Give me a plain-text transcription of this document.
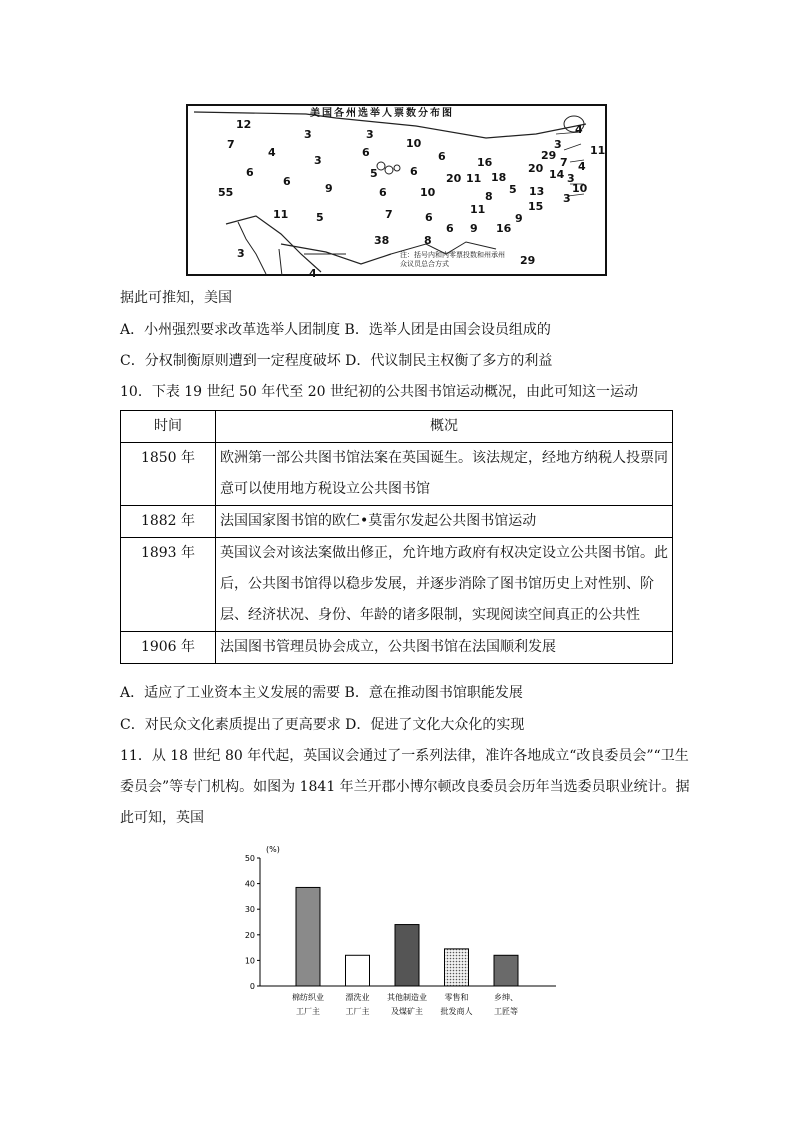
美国各州选举人票数分布图
12
3	3
10
7
4
3
6	6	16
3
4
29	11
7
20	4
6
6
5	6
20 11 18	14 3
55	9	6	10	8
5 13	10
3
15
11	5	7	6
11
9
6 9 16
38	8
3
29
4
注：括号内和内零票投数和州承州众议员总合方式
据此可推知，美国
A．小州强烈要求改革选举人团制度 B．选举人团是由国会设员组成的
C．分权制衡原则遭到一定程度破坏 D．代议制民主权衡了多方的利益
10．下表 19 世纪 50 年代至 20 世纪初的公共图书馆运动概况，由此可知这一运动
时间	概况
1850 年	欧洲第一部公共图书馆法案在英国诞生。该法规定，经地方纳税人投票同
意可以使用地方税设立公共图书馆

1882 年	法国国家图书馆的欧仁•莫雷尔发起公共图书馆运动

1893 年	英国议会对该法案做出修正，允许地方政府有权决定设立公共图书馆。此
后，公共图书馆得以稳步发展，并逐步消除了图书馆历史上对性别、阶
层、经济状况、身份、年龄的诸多限制，实现阅读空间真正的公共性

1906 年	法国图书管理员协会成立，公共图书馆在法国顺利发展
A．适应了工业资本主义发展的需要 B．意在推动图书馆职能发展
C．对民众文化素质提出了更高要求 D．促进了文化大众化的实现
11．从 18 世纪 80 年代起，英国议会通过了一系列法律，准许各地成立“改良委员会”“卫生
委员会”等专门机构。如图为 1841 年兰开郡小博尔顿改良委员会历年当选委员职业统计。据
此可知，英国
(%)
0
10
20
30
40
50
棉纺织业
工厂主
漂洗业
工厂主
其他制造业
及煤矿主
零售和
批发商人
乡绅、
工匠等
